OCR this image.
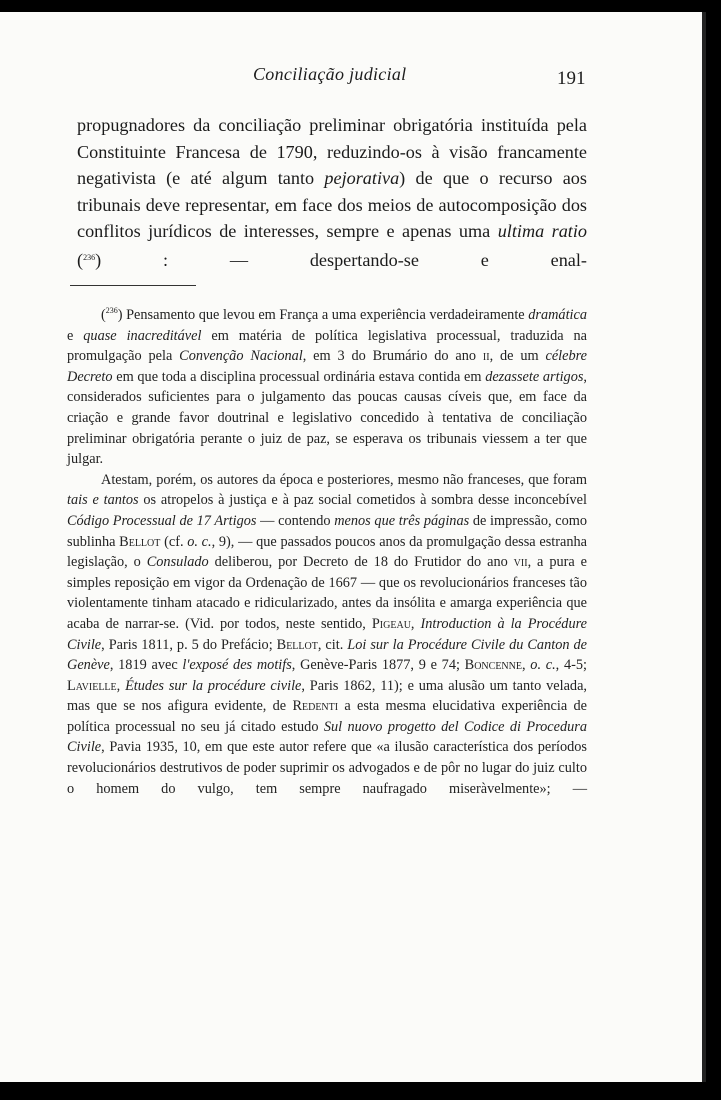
Conciliação judicial	191

propugnadores da conciliação preliminar obrigatória instituída pela Constituinte Francesa de 1790, reduzindo-os à visão francamente negativista (e até algum tanto pejorativa) de que o recurso aos tribunais deve representar, em face dos meios de autocomposição dos conflitos jurídicos de interesses, sempre e apenas uma ultima ratio ($^{236}$) : — despertando-se e enal-

($^{236}$) Pensamento que levou em França a uma experiência verdadeiramente dramática e quase inacreditável em matéria de política legislativa processual, traduzida na promulgação pela Convenção Nacional, em 3 do Brumário do ano ii, de um célebre Decreto em que toda a disciplina processual ordinária estava contida em dezassete artigos, considerados suficientes para o julgamento das poucas causas cíveis que, em face da criação e grande favor doutrinal e legislativo concedido à tentativa de conciliação preliminar obrigatória perante o juiz de paz, se esperava os tribunais viessem a ter que julgar.

Atestam, porém, os autores da época e posteriores, mesmo não franceses, que foram tais e tantos os atropelos à justiça e à paz social cometidos à sombra desse inconcebível Código Processual de 17 Artigos — contendo menos que três páginas de impressão, como sublinha Bellot (cf. o. c., 9), — que passados poucos anos da promulgação dessa estranha legislação, o Consulado deliberou, por Decreto de 18 do Frutidor do ano vii, a pura e simples reposição em vigor da Ordenação de 1667 — que os revolucionários franceses tão violentamente tinham atacado e ridicularizado, antes da insólita e amarga experiência que acaba de narrar-se. (Vid. por todos, neste sentido, Pigeau, Introduction à la Procédure Civile, Paris 1811, p. 5 do Prefácio; Bellot, cit. Loi sur la Procédure Civile du Canton de Genève, 1819 avec l'exposé des motifs, Genève-Paris 1877, 9 e 74; Boncenne, o. c., 4-5; Lavielle, Études sur la procédure civile, Paris 1862, 11); e uma alusão um tanto velada, mas que se nos afigura evidente, de Redenti a esta mesma elucidativa experiência de política processual no seu já citado estudo Sul nuovo progetto del Codice di Procedura Civile, Pavia 1935, 10, em que este autor refere que «a ilusão característica dos períodos revolucionários destrutivos de poder suprimir os advogados e de pôr no lugar do juiz culto o homem do vulgo, tem sempre naufragado miseràvelmente»; —
